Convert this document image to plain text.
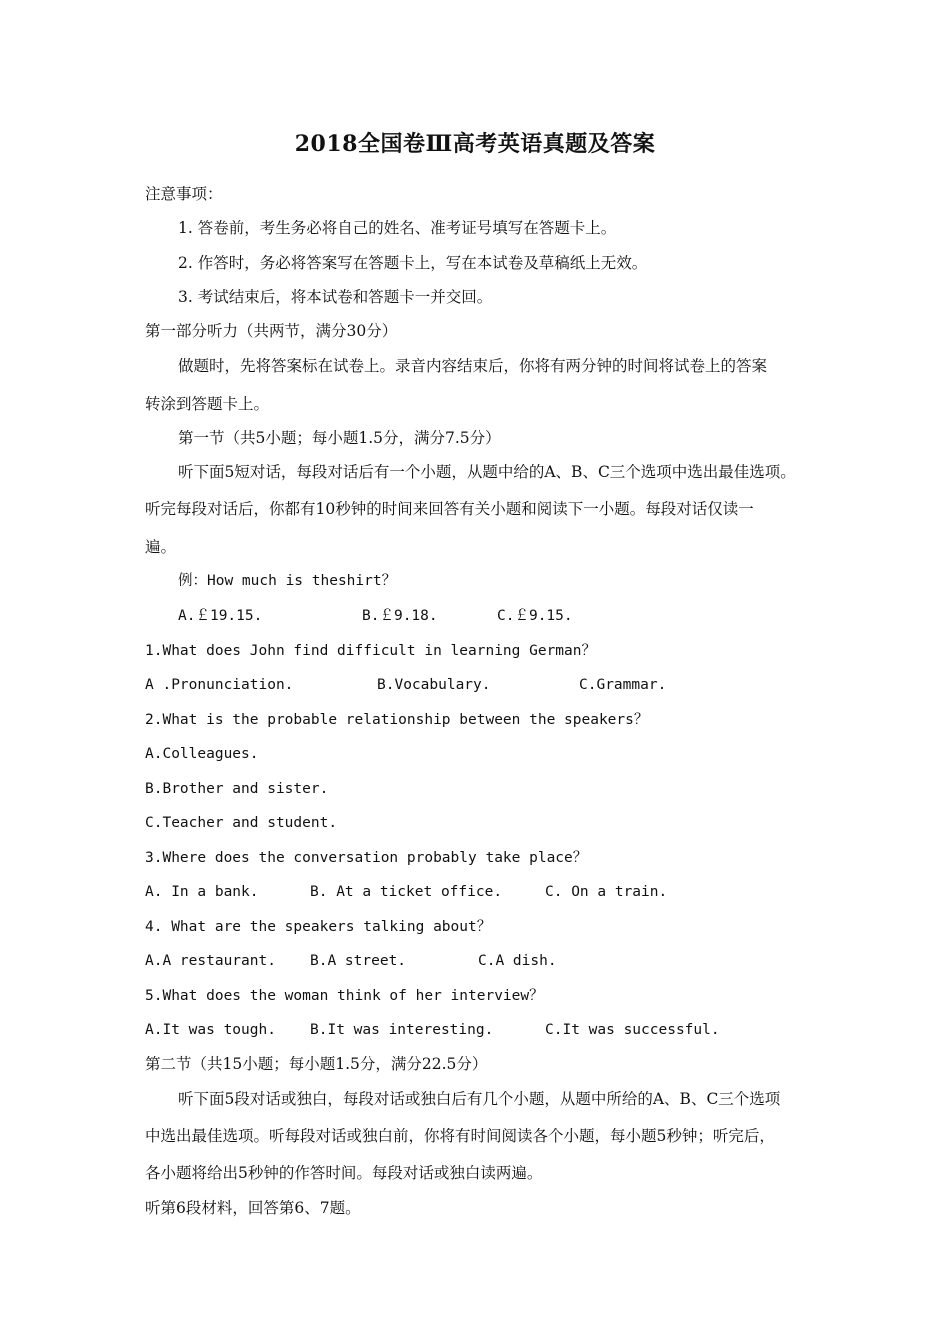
2018全国卷Ⅲ高考英语真题及答案
注意事项：
1. 答卷前，考生务必将自己的姓名、准考证号填写在答题卡上。
2. 作答时，务必将答案写在答题卡上，写在本试卷及草稿纸上无效。
3. 考试结束后，将本试卷和答题卡一并交回。
第一部分听力（共两节，满分30分）
做题时，先将答案标在试卷上。录音内容结束后，你将有两分钟的时间将试卷上的答案
转涂到答题卡上。
第一节（共5小题；每小题1.5分，满分7.5分）
听下面5短对话，每段对话后有一个小题，从题中给的A、B、C三个选项中选出最佳选项。
听完每段对话后，你都有10秒钟的时间来回答有关小题和阅读下一小题。每段对话仅读一
遍。
例：How much is theshirt？
A.￡19.15.	B.￡9.18.	C.￡9.15.
1.What does John find difficult in learning German？
A .Pronunciation.	B.Vocabulary.	C.Grammar.
2.What is the probable relationship between the speakers？
A.Colleagues.
B.Brother and sister.
C.Teacher and student.
3.Where does the conversation probably take place？
A. In a bank.	B. At a ticket office.	C. On a train.
4. What are the speakers talking about？
A.A restaurant. B.A street.	C.A dish.
5.What does the woman think of her interview？
A.It was tough. B.It was interesting.	C.It was successful.
第二节（共15小题；每小题1.5分，满分22.5分）
听下面5段对话或独白，每段对话或独白后有几个小题，从题中所给的A、B、C三个选项
中选出最佳选项。听每段对话或独白前，你将有时间阅读各个小题，每小题5秒钟；听完后，
各小题将给出5秒钟的作答时间。每段对话或独白读两遍。
听第6段材料，回答第6、7题。
